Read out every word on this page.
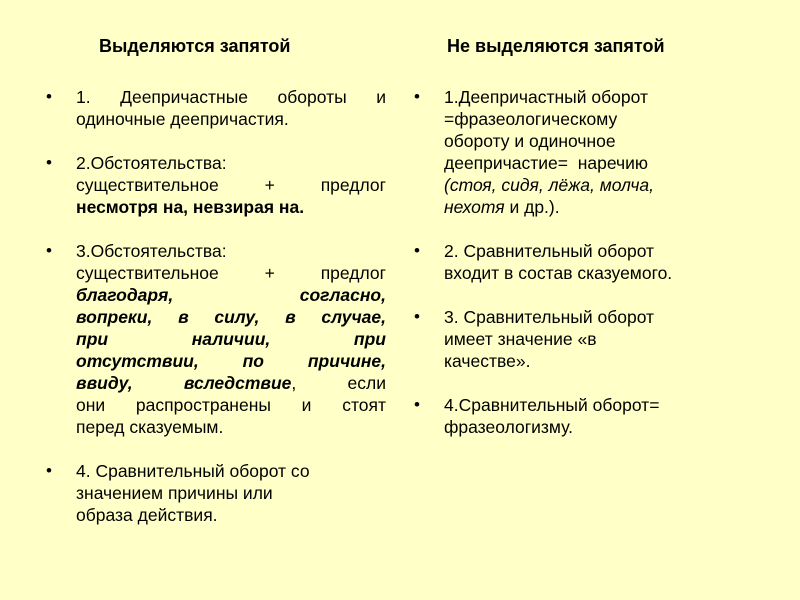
Выделяются запятой
• 1. Деепричастные обороты и
одиночные деепричастия.
• 2.Обстоятельства:
существительное + предлог
несмотря на, невзирая на.
• 3.Обстоятельства:
существительное + предлог
благодаря,	согласно,
вопреки, в силу, в случае,
при	наличии,	при
отсутствии, по причине,
ввиду, вследствие, если
они распространены и стоят
перед сказуемым.
• 4. Сравнительный оборот со
значением причины или
образа действия.
Не выделяются запятой
• 1.Деепричастный оборот
=фразеологическому
обороту и одиночное
деепричастие= наречию
(стоя, сидя, лёжа, молча,
нехотя и др.).
• 2. Сравнительный оборот
входит в состав сказуемого.
• 3. Сравнительный оборот
имеет значение «в
качестве».
• 4.Сравнительный оборот=
фразеологизму.
